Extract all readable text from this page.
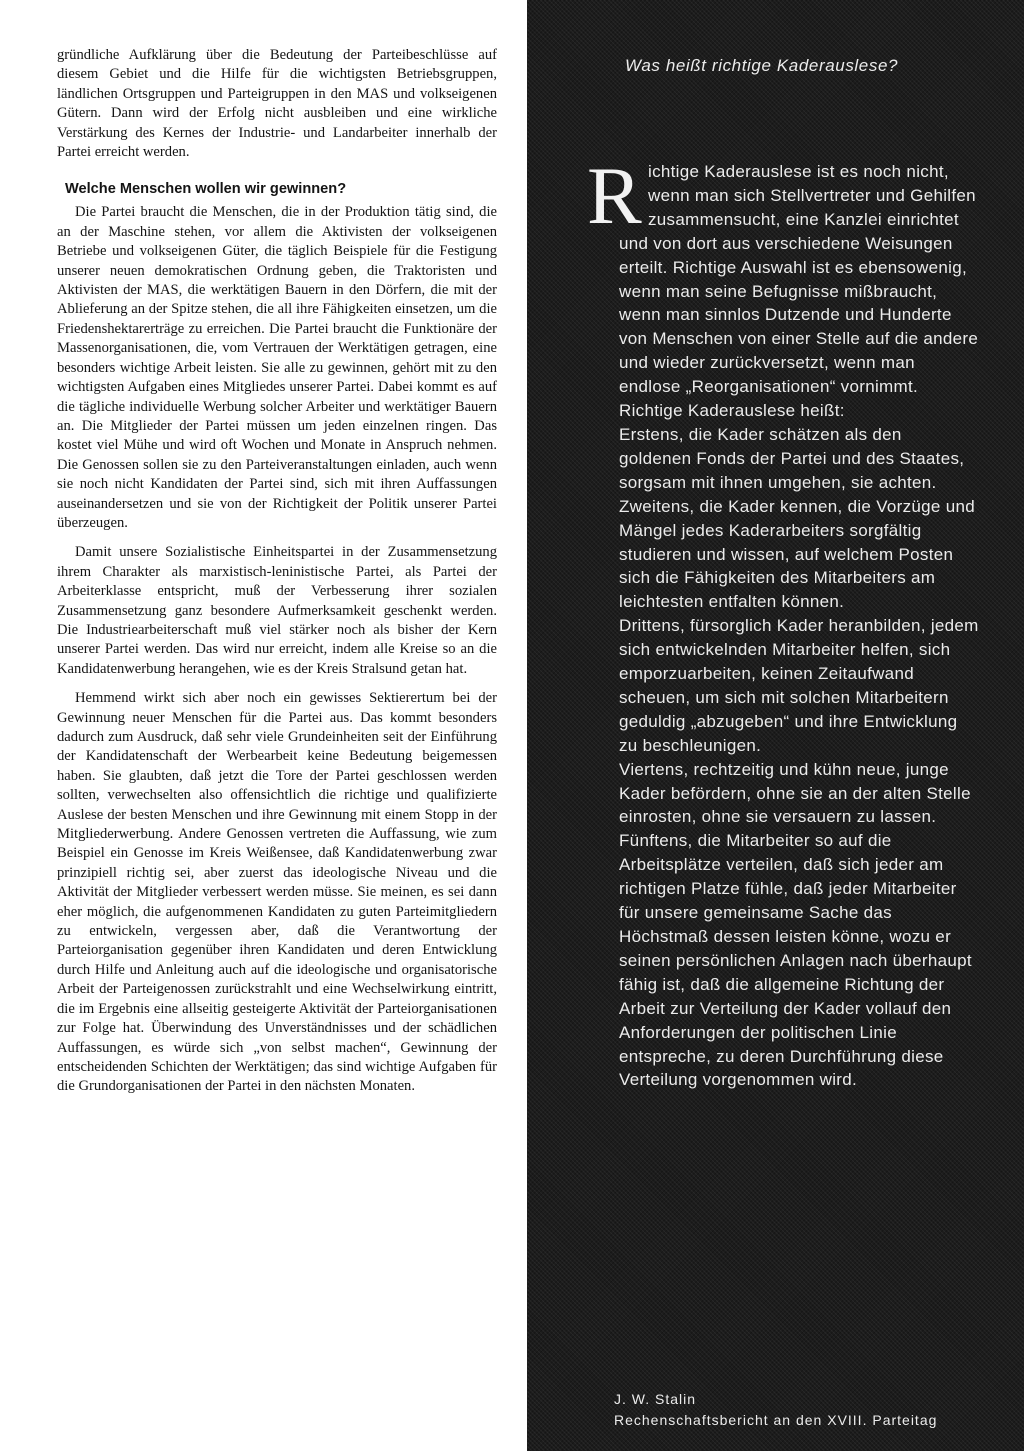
gründliche Aufklärung über die Bedeutung der Parteibeschlüsse auf diesem Gebiet und die Hilfe für die wichtigsten Betriebsgruppen, ländlichen Ortsgruppen und Parteigruppen in den MAS und volkseigenen Gütern. Dann wird der Erfolg nicht ausbleiben und eine wirkliche Verstärkung des Kernes der Industrie- und Landarbeiter innerhalb der Partei erreicht werden.

Welche Menschen wollen wir gewinnen?

Die Partei braucht die Menschen, die in der Produktion tätig sind, die an der Maschine stehen, vor allem die Aktivisten der volkseigenen Betriebe und volkseigenen Güter, die täglich Beispiele für die Festigung unserer neuen demokratischen Ordnung geben, die Traktoristen und Aktivisten der MAS, die werktätigen Bauern in den Dörfern, die mit der Ablieferung an der Spitze stehen, die all ihre Fähigkeiten einsetzen, um die Friedenshektarerträge zu erreichen. Die Partei braucht die Funktionäre der Massenorganisationen, die, vom Vertrauen der Werktätigen getragen, eine besonders wichtige Arbeit leisten. Sie alle zu gewinnen, gehört mit zu den wichtigsten Aufgaben eines Mitgliedes unserer Partei. Dabei kommt es auf die tägliche individuelle Werbung solcher Arbeiter und werktätiger Bauern an. Die Mitglieder der Partei müssen um jeden einzelnen ringen. Das kostet viel Mühe und wird oft Wochen und Monate in Anspruch nehmen. Die Genossen sollen sie zu den Parteiveranstaltungen einladen, auch wenn sie noch nicht Kandidaten der Partei sind, sich mit ihren Auffassungen auseinandersetzen und sie von der Richtigkeit der Politik unserer Partei überzeugen.

Damit unsere Sozialistische Einheitspartei in der Zusammensetzung ihrem Charakter als marxistisch-leninistische Partei, als Partei der Arbeiterklasse entspricht, muß der Verbesserung ihrer sozialen Zusammensetzung ganz besondere Aufmerksamkeit geschenkt werden. Die Industriearbeiterschaft muß viel stärker noch als bisher der Kern unserer Partei werden. Das wird nur erreicht, indem alle Kreise so an die Kandidatenwerbung herangehen, wie es der Kreis Stralsund getan hat.

Hemmend wirkt sich aber noch ein gewisses Sektierertum bei der Gewinnung neuer Menschen für die Partei aus. Das kommt besonders dadurch zum Ausdruck, daß sehr viele Grundeinheiten seit der Einführung der Kandidatenschaft der Werbearbeit keine Bedeutung beigemessen haben. Sie glaubten, daß jetzt die Tore der Partei geschlossen werden sollten, verwechselten also offensichtlich die richtige und qualifizierte Auslese der besten Menschen und ihre Gewinnung mit einem Stopp in der Mitgliederwerbung. Andere Genossen vertreten die Auffassung, wie zum Beispiel ein Genosse im Kreis Weißensee, daß Kandidatenwerbung zwar prinzipiell richtig sei, aber zuerst das ideologische Niveau und die Aktivität der Mitglieder verbessert werden müsse. Sie meinen, es sei dann eher möglich, die aufgenommenen Kandidaten zu guten Parteimitgliedern zu entwickeln, vergessen aber, daß die Verantwortung der Parteiorganisation gegenüber ihren Kandidaten und deren Entwicklung durch Hilfe und Anleitung auch auf die ideologische und organisatorische Arbeit der Parteigenossen zurückstrahlt und eine Wechselwirkung eintritt, die im Ergebnis eine allseitig gesteigerte Aktivität der Parteiorganisationen zur Folge hat. Überwindung des Unverständnisses und der schädlichen Auffassungen, es würde sich „von selbst machen“, Gewinnung der entscheidenden Schichten der Werktätigen; das sind wichtige Aufgaben für die Grundorganisationen der Partei in den nächsten Monaten.

Was heißt richtige Kaderauslese?

Richtige Kaderauslese ist es noch nicht, wenn man sich Stellvertreter und Gehilfen zusammensucht, eine Kanzlei einrichtet und von dort aus verschiedene Weisungen erteilt. Richtige Auswahl ist es ebensowenig, wenn man seine Befugnisse mißbraucht, wenn man sinnlos Dutzende und Hunderte von Menschen von einer Stelle auf die andere und wieder zurückversetzt, wenn man endlose „Reorganisationen“ vornimmt.

Richtige Kaderauslese heißt:

Erstens, die Kader schätzen als den goldenen Fonds der Partei und des Staates, sorgsam mit ihnen umgehen, sie achten.

Zweitens, die Kader kennen, die Vorzüge und Mängel jedes Kaderarbeiters sorgfältig studieren und wissen, auf welchem Posten sich die Fähigkeiten des Mitarbeiters am leichtesten entfalten können.

Drittens, fürsorglich Kader heranbilden, jedem sich entwickelnden Mitarbeiter helfen, sich emporzuarbeiten, keinen Zeitaufwand scheuen, um sich mit solchen Mitarbeitern geduldig „abzugeben“ und ihre Entwicklung zu beschleunigen.

Viertens, rechtzeitig und kühn neue, junge Kader befördern, ohne sie an der alten Stelle einrosten, ohne sie versauern zu lassen.

Fünftens, die Mitarbeiter so auf die Arbeitsplätze verteilen, daß sich jeder am richtigen Platze fühle, daß jeder Mitarbeiter für unsere gemeinsame Sache das Höchstmaß dessen leisten könne, wozu er seinen persönlichen Anlagen nach überhaupt fähig ist, daß die allgemeine Richtung der Arbeit zur Verteilung der Kader vollauf den Anforderungen der politischen Linie entspreche, zu deren Durchführung diese Verteilung vorgenommen wird.

J. W. Stalin
Rechenschaftsbericht an den XVIII. Parteitag
